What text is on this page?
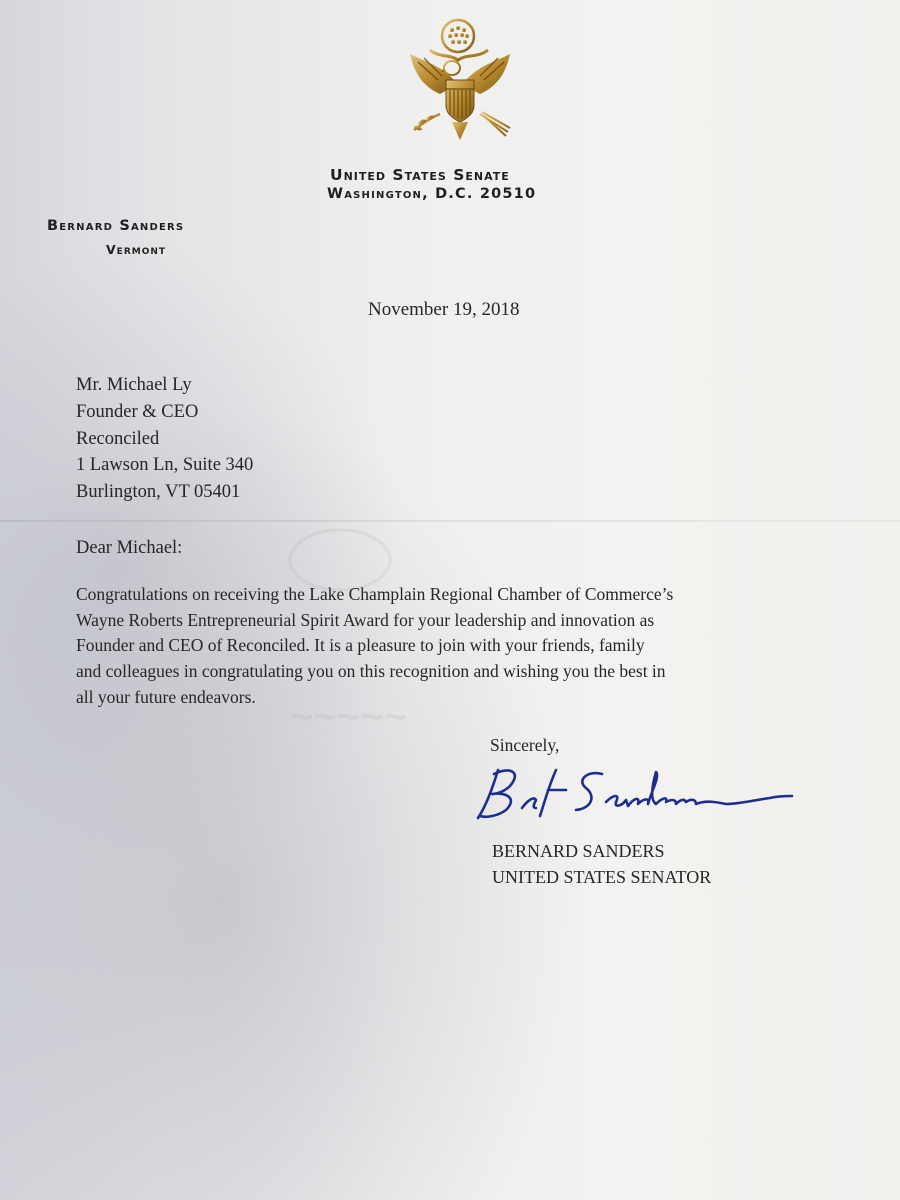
~~~~~
United States Senate
Washington, D.C. 20510
Bernard Sanders
Vermont
November 19, 2018
Mr. Michael Ly
Founder & CEO
Reconciled
1 Lawson Ln, Suite 340
Burlington, VT 05401
Dear Michael:
Congratulations on receiving the Lake Champlain Regional Chamber of Commerce’s
Wayne Roberts Entrepreneurial Spirit Award for your leadership and innovation as
Founder and CEO of Reconciled. It is a pleasure to join with your friends, family
and colleagues in congratulating you on this recognition and wishing you the best in
all your future endeavors.
Sincerely,
BERNARD SANDERS
UNITED STATES SENATOR
